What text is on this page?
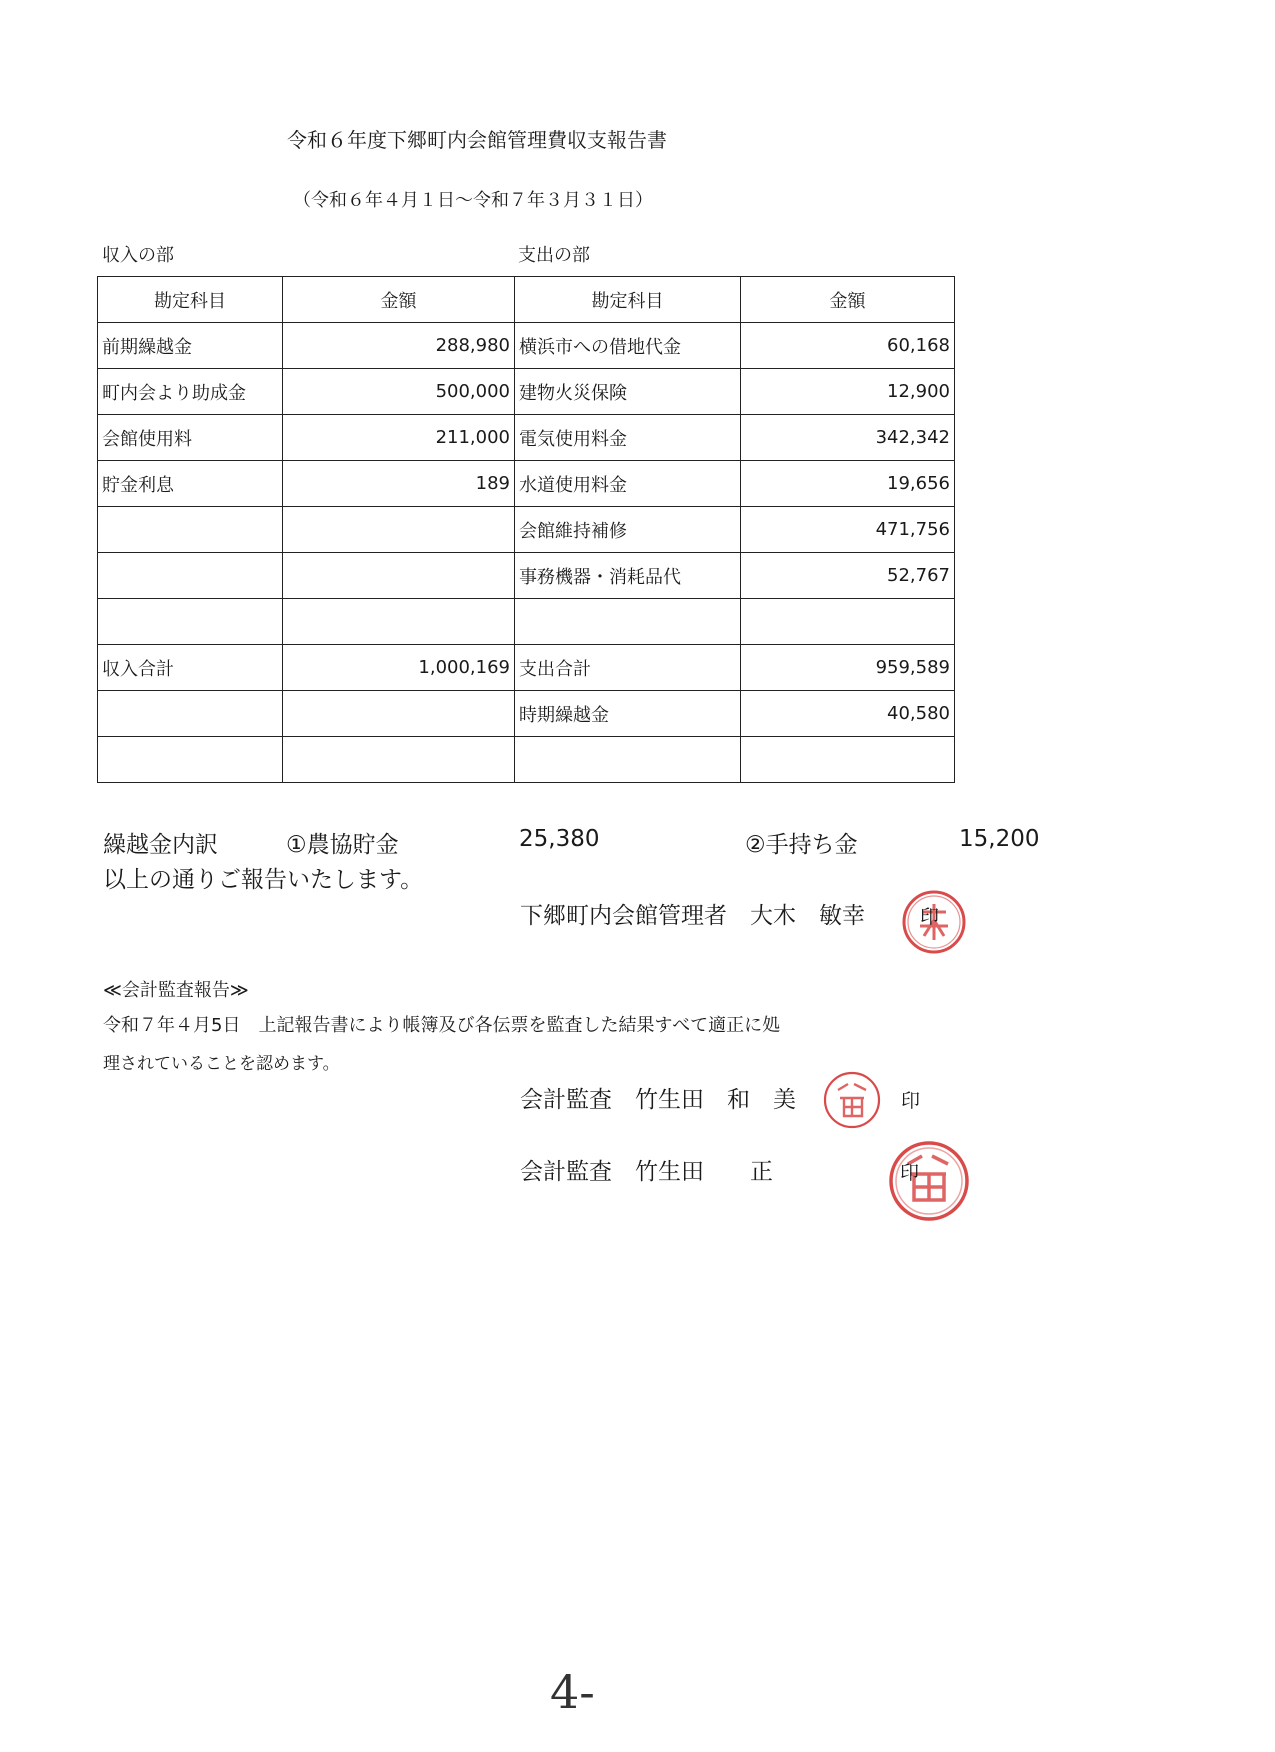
令和６年度下郷町内会館管理費収支報告書
（令和６年４月１日～令和７年３月３１日）
収入の部	支出の部
勘定科目	金額	勘定科目	金額
前期繰越金	288,980	横浜市への借地代金	60,168
町内会より助成金	500,000	建物火災保険	12,900
会館使用料	211,000	電気使用料金	342,342
貯金利息	189	水道使用料金	19,656
		会館維持補修	471,756
		事務機器・消耗品代	52,767

収入合計	1,000,169	支出合計	959,589
		時期繰越金	40,580

繰越金内訳	①農協貯金	25,380	②手持ち金	15,200
以上の通りご報告いたします。
下郷町内会館管理者　大木　敏幸	印
≪会計監査報告≫
令和７年４月5日　上記報告書により帳簿及び各伝票を監査した結果すべて適正に処
理されていることを認めます。
会計監査　竹生田　和　美	印
会計監査　竹生田　　正	印
4-
